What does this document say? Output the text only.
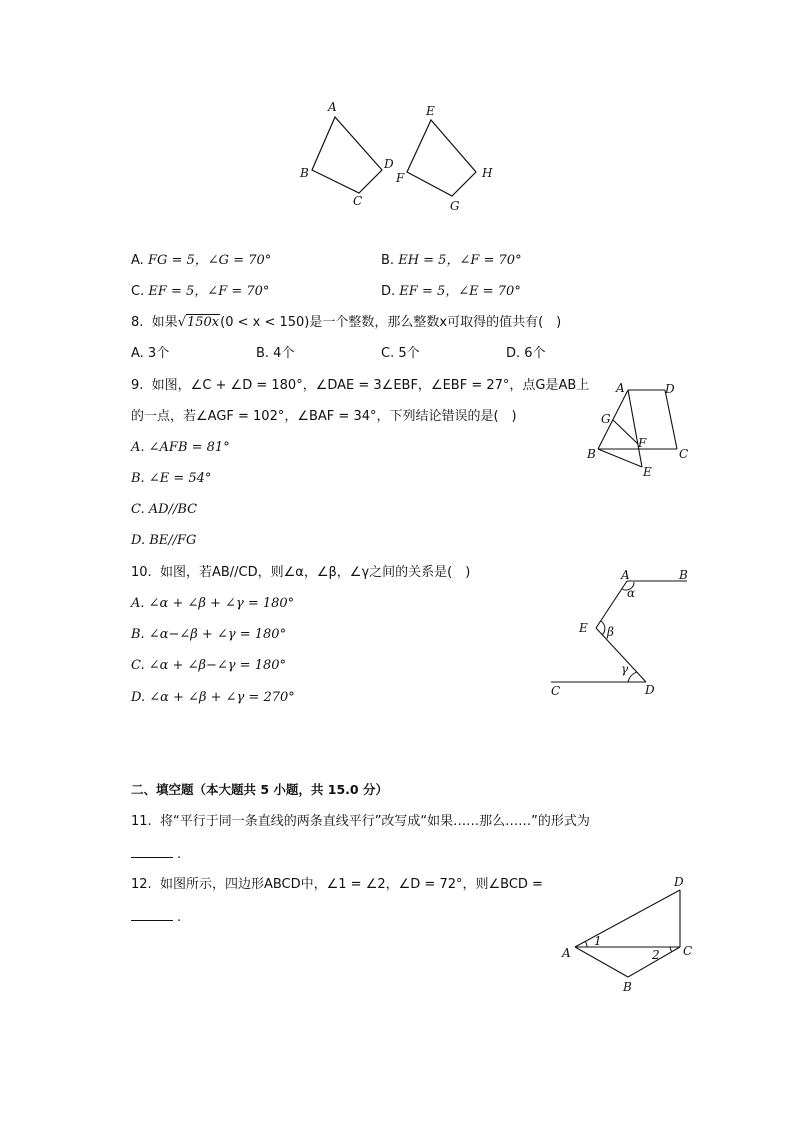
A
B
C
D
E
F
G
H
A. FG = 5，∠G = 70°	B. EH = 5，∠F = 70°
C. EF = 5，∠F = 70°	D. EF = 5，∠E = 70°
8. 如果√150x(0 < x < 150)是一个整数，那么整数x可取得的值共有(　)
A. 3个	B. 4个	C. 5个	D. 6个
9. 如图，∠C + ∠D = 180°，∠DAE = 3∠EBF，∠EBF = 27°，点G是AB上
的一点，若∠AGF = 102°，∠BAF = 34°，下列结论错误的是(　)
A. ∠AFB = 81°
B. ∠E = 54°
C. AD//BC
D. BE//FG
A	D
G
F
B	C
E
10. 如图，若AB//CD，则∠α，∠β，∠γ之间的关系是(　)
A. ∠α + ∠β + ∠γ = 180°
B. ∠α−∠β + ∠γ = 180°
C. ∠α + ∠β−∠γ = 180°
D. ∠α + ∠β + ∠γ = 270°
A	B
α
E β
γ
C	D
二、填空题（本大题共 5 小题，共 15.0 分）
11. 将“平行于同一条直线的两条直线平行”改写成“如果……那么……”的形式为
.
12. 如图所示，四边形ABCD中，∠1 = ∠2，∠D = 72°，则∠BCD =
.
D
A
1
2 C
B
